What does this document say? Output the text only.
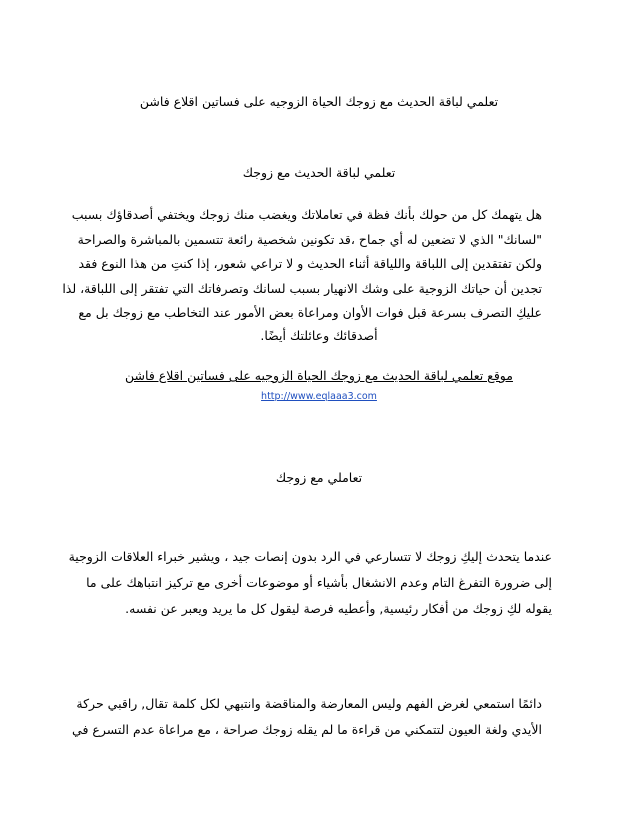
تعلمي لباقة الحديث مع زوجك الحياة الزوجيه على فساتين اقلاع فاشن
تعلمي لباقة الحديث مع زوجك
هل يتهمك كل من حولك بأنك فظة في تعاملاتك ويغضب منك زوجك ويختفي أصدقاؤك بسبب
"لسانك" الذي لا تضعين له أي جماح ،قد تكونين شخصية رائعة تتسمين بالمباشرة والصراحة
ولكن تفتقدين إلى اللباقة واللياقة أثناء الحديث و لا تراعي شعور، إذا كنتِ من هذا النوع فقد
تجدين أن حياتك الزوجية على وشك الانهيار بسبب لسانك وتصرفاتك التي تفتقر إلى اللباقة، لذا
عليكِ التصرف بسرعة قبل فوات الأوان ومراعاة بعض الأمور عند التخاطب مع زوجك بل مع
أصدقائك وعائلتك أيضًا.
موقع تعلمي لباقة الحديث مع زوجك الحياة الزوجيه على فساتين اقلاع فاشن
http://www.eqlaaa3.com
تعاملي مع زوجك
عندما يتحدث إليكِ زوجك لا تتسارعي في الرد بدون إنصات جيد ، ويشير خبراء العلاقات الزوجية
إلى ضرورة التفرغ التام وعدم الانشغال بأشياء أو موضوعات أخرى مع تركيز انتباهك على ما
يقوله لكِ زوجك من أفكار رئيسية, وأعطيه فرصة ليقول كل ما يريد ويعبر عن نفسه.
دائمًا استمعي لغرض الفهم وليس المعارضة والمناقضة وانتبهي لكل كلمة تقال, راقبي حركة
الأيدي ولغة العيون لتتمكني من قراءة ما لم يقله زوجك صراحة ، مع مراعاة عدم التسرع في
